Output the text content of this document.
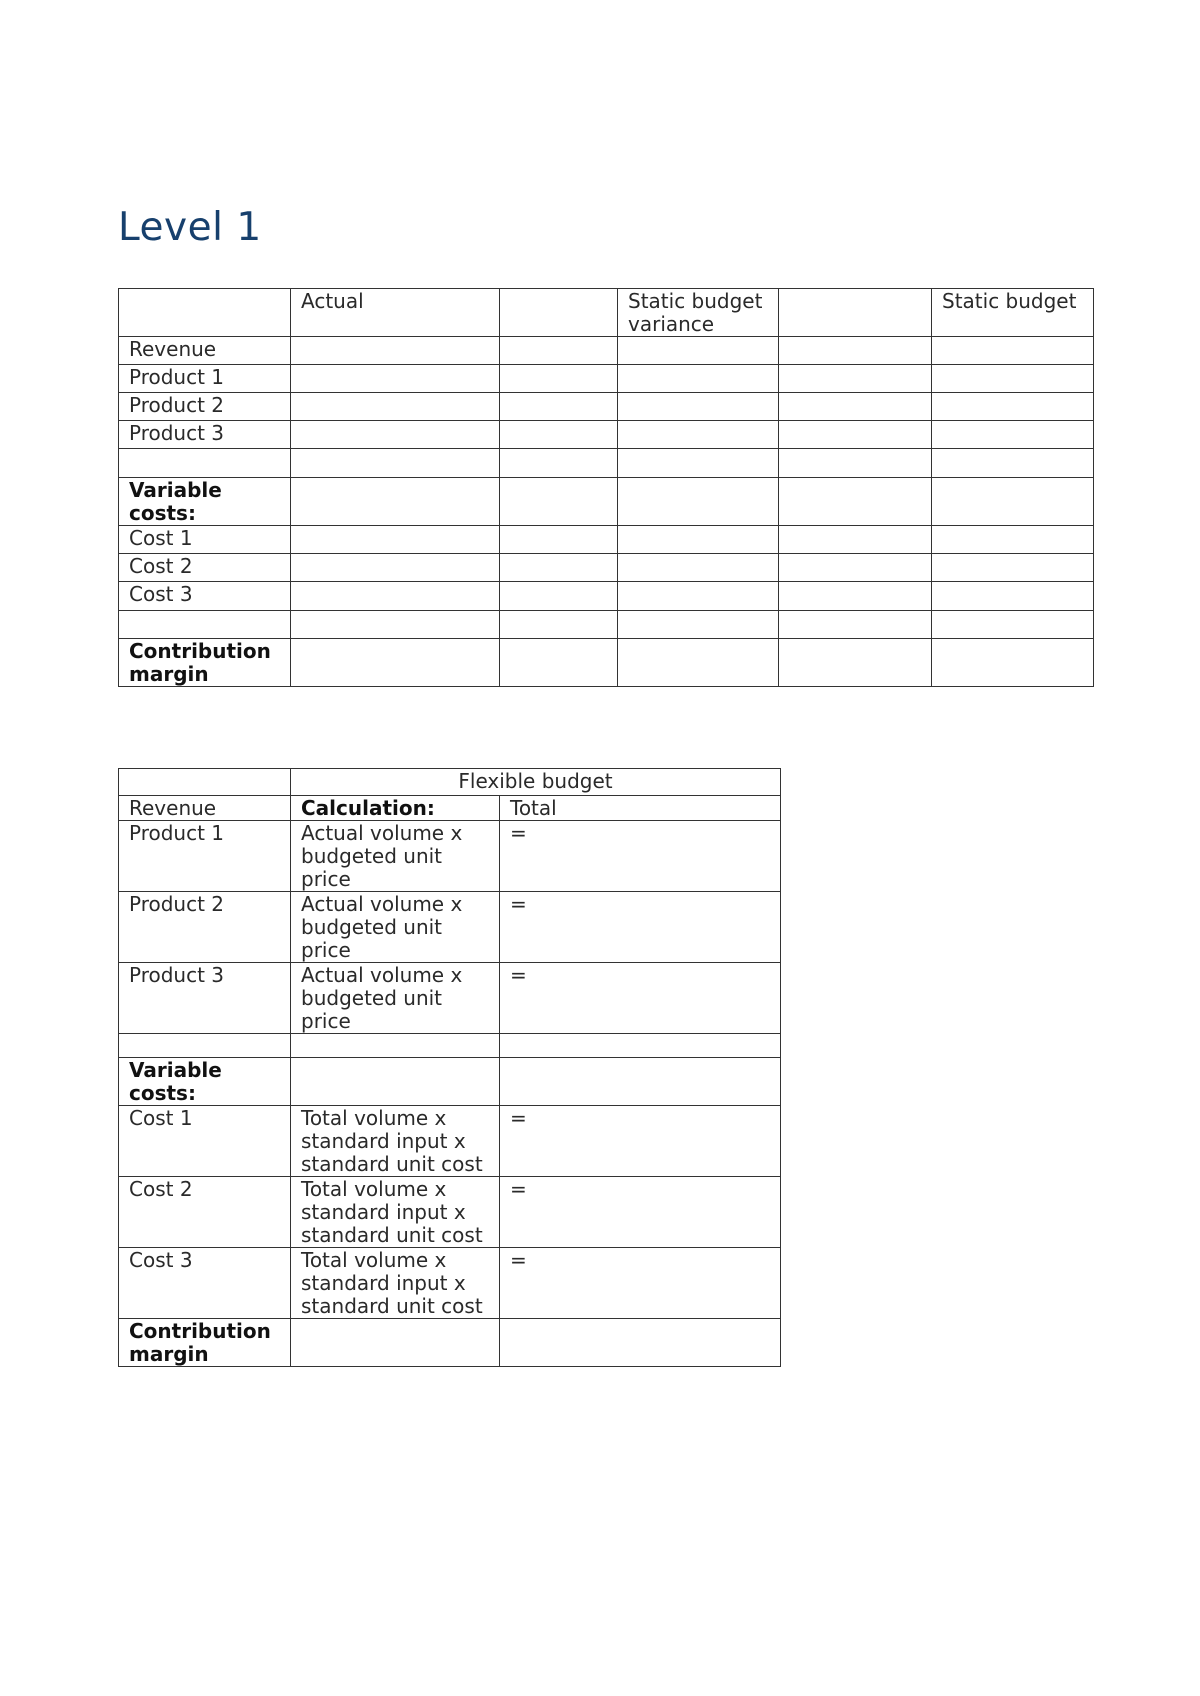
Level 1
	Actual		Static budget variance		Static budget
Revenue					
Product 1					
Product 2					
Product 3					

Variable costs:					
Cost 1					
Cost 2					
Cost 3					

Contribution margin					
	Flexible budget	
Revenue	Calculation:	Total
Product 1	Actual volume x budgeted unit price	=
Product 2	Actual volume x budgeted unit price	=
Product 3	Actual volume x budgeted unit price	=

Variable costs:		
Cost 1	Total volume x standard input x standard unit cost	=
Cost 2	Total volume x standard input x standard unit cost	=
Cost 3	Total volume x standard input x standard unit cost	=
Contribution margin		
